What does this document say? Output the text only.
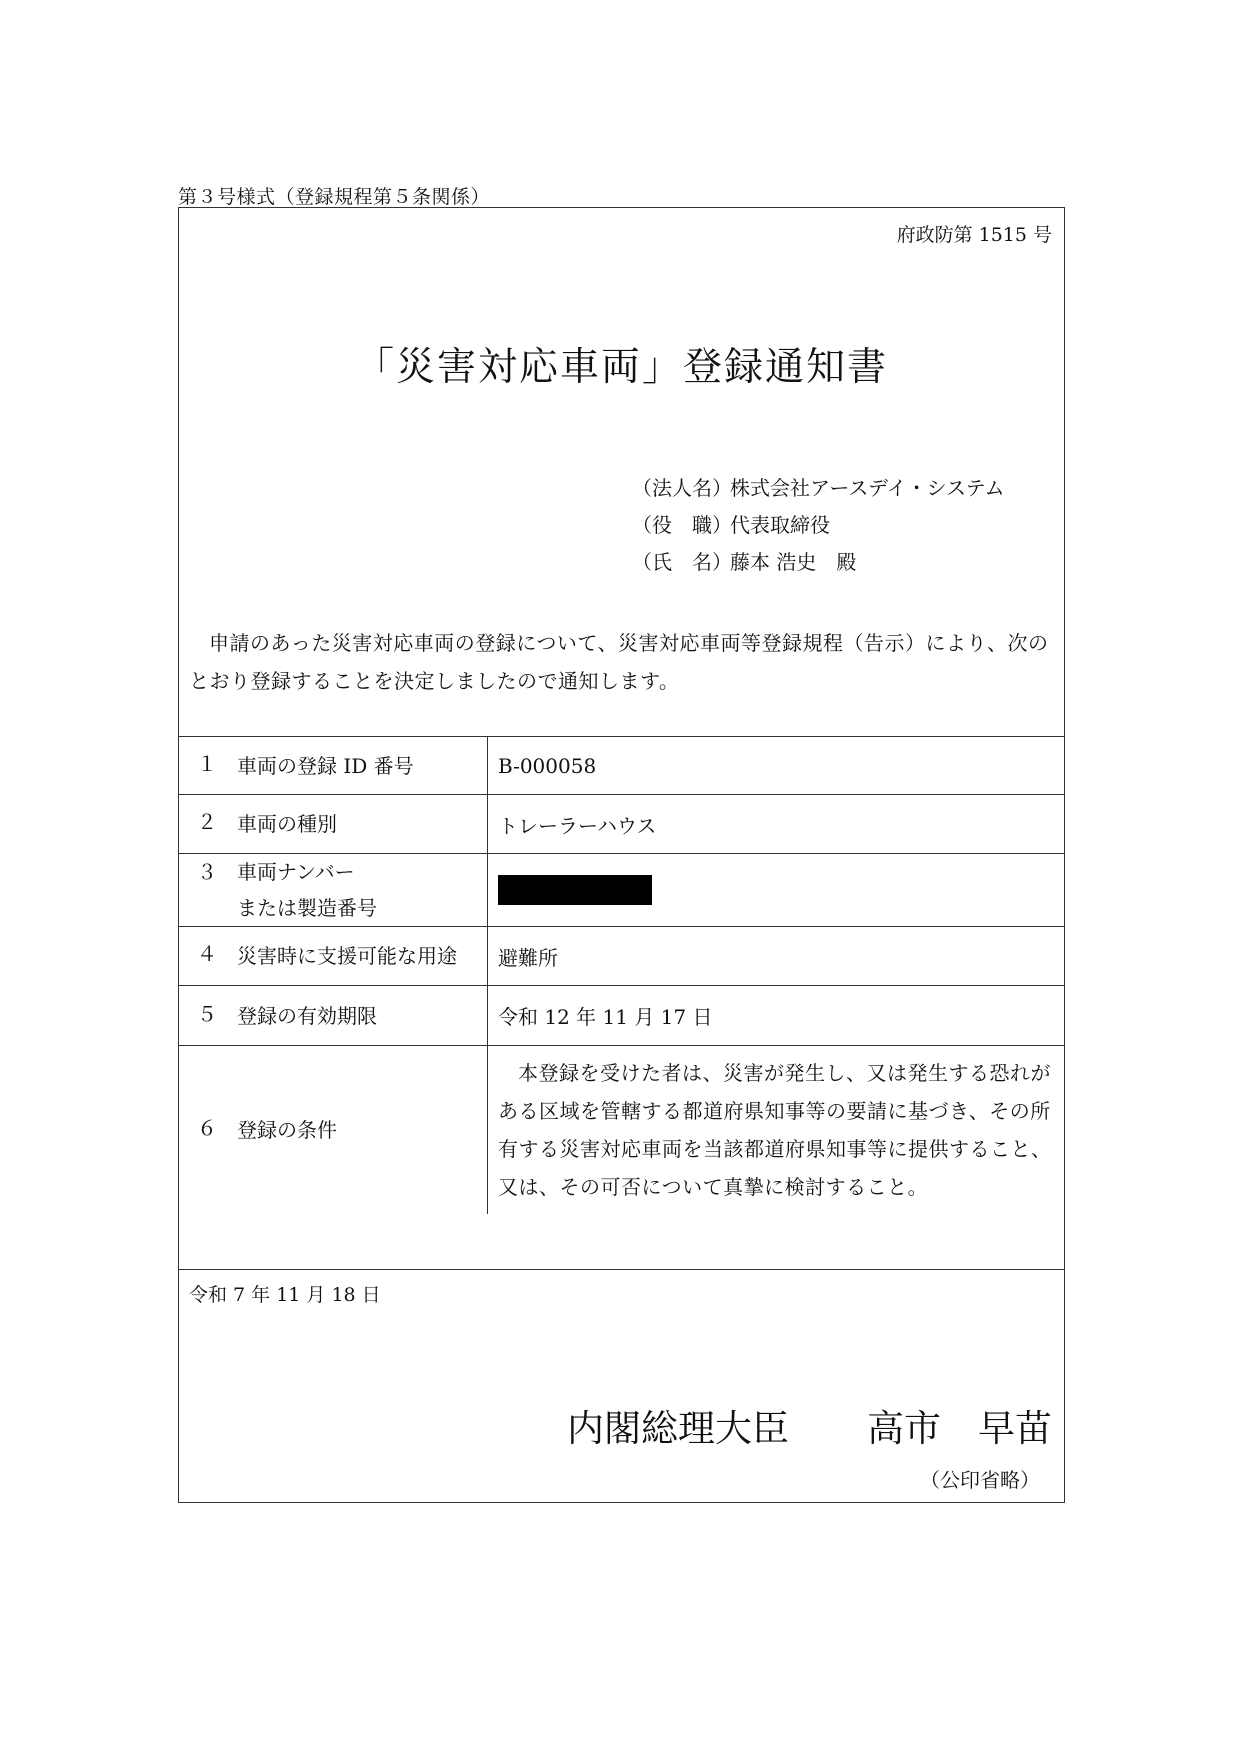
第３号様式（登録規程第５条関係）
府政防第 1515 号
「災害対応車両」登録通知書
（法人名）
株式会社アースデイ・システム
（役　職）
代表取締役
（氏　名）
藤本 浩史　殿
申請のあった災害対応車両の登録について、災害対応車両等登録規程（告示）により、次のとおり登録することを決定しましたので通知します。
１ 車両の登録 ID 番号	B-000058

２ 車両の種別	トレーラーハウス

３ 車両ナンバー
または製造番号	

４ 災害時に支援可能な用途	避難所

５ 登録の有効期限	令和 12 年 11 月 17 日

６ 登録の条件	本登録を受けた者は、災害が発生し、又は発生する恐れがある区域を管轄する都道府県知事等の要請に基づき、その所有する災害対応車両を当該都道府県知事等に提供すること、又は、その可否について真摯に検討すること。
令和 7 年 11 月 18 日
内閣総理大臣 高市 早苗
（公印省略）
